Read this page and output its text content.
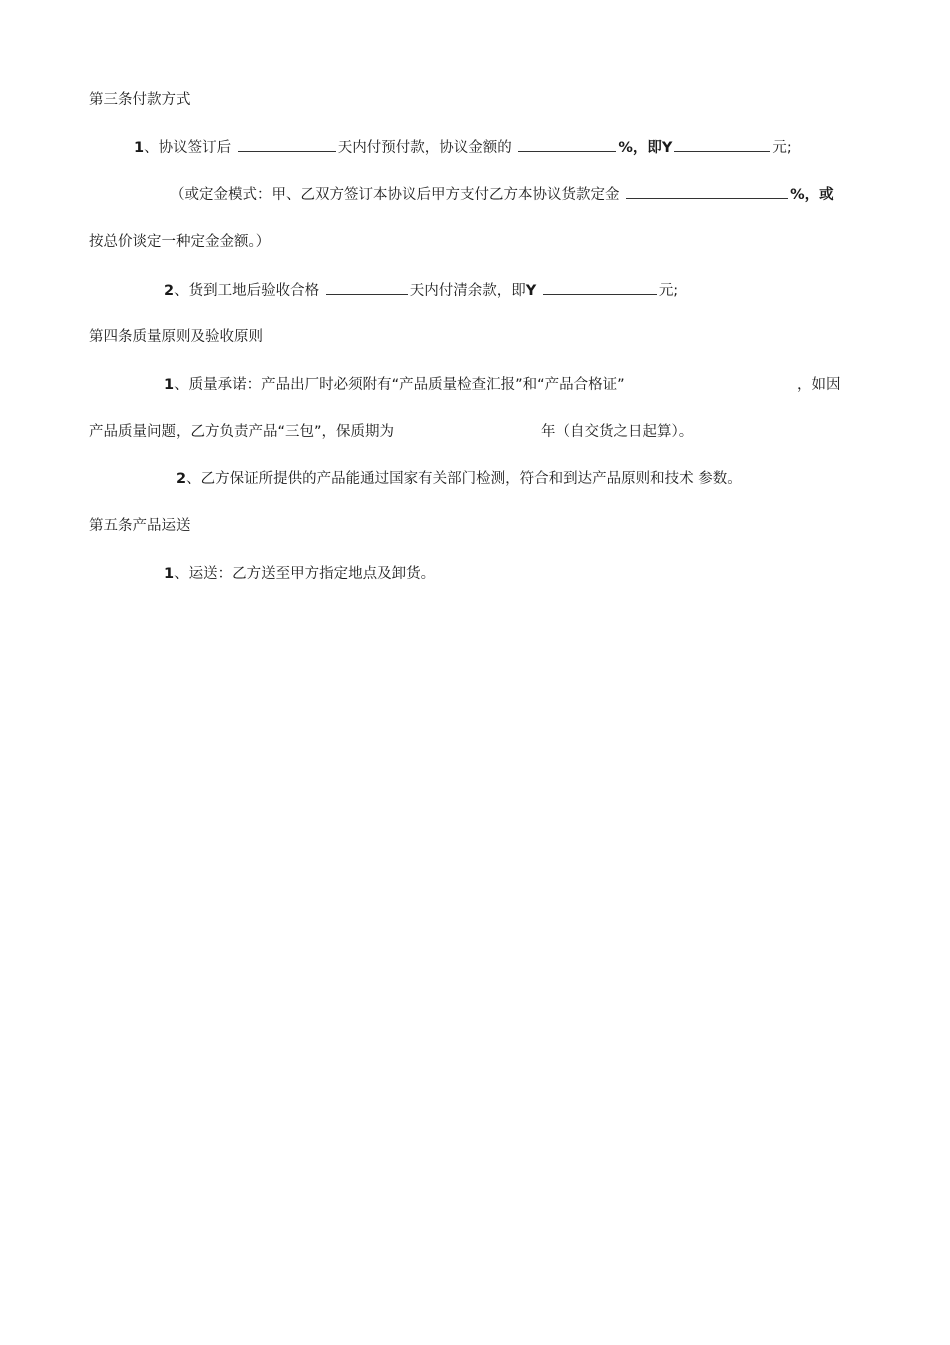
第三条付款方式
1、协议签订后	天内付预付款，协议金额的	%，即Y	元;
（或定金模式：甲、乙双方签订本协议后甲方支付乙方本协议货款定金	%，或
按总价谈定一种定金金额。）
2、货到工地后验收合格	天内付清余款，即Y	元;
第四条质量原则及验收原则
1、质量承诺：产品出厂时必须附有“产品质量检查汇报”和“产品合格证”	，如因
产品质量问题，乙方负责产品“三包”，保质期为	年（自交货之日起算）。
2、乙方保证所提供的产品能通过国家有关部门检测，符合和到达产品原则和技术 参数。
第五条产品运送
1、运送：乙方送至甲方指定地点及卸货。
